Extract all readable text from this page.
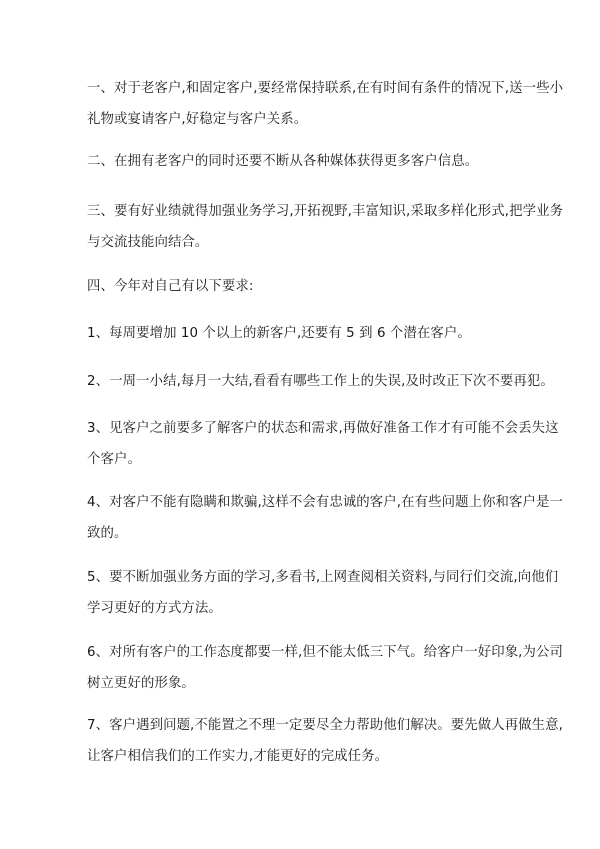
一、对于老客户,和固定客户,要经常保持联系,在有时间有条件的情况下,送一些小
礼物或宴请客户,好稳定与客户关系。

二、在拥有老客户的同时还要不断从各种媒体获得更多客户信息。

三、要有好业绩就得加强业务学习,开拓视野,丰富知识,采取多样化形式,把学业务
与交流技能向结合。

四、今年对自己有以下要求:

1、每周要增加 10 个以上的新客户,还要有 5 到 6 个潜在客户。

2、一周一小结,每月一大结,看看有哪些工作上的失误,及时改正下次不要再犯。

3、见客户之前要多了解客户的状态和需求,再做好准备工作才有可能不会丢失这
个客户。

4、对客户不能有隐瞒和欺骗,这样不会有忠诚的客户,在有些问题上你和客户是一
致的。

5、要不断加强业务方面的学习,多看书,上网查阅相关资料,与同行们交流,向他们
学习更好的方式方法。

6、对所有客户的工作态度都要一样,但不能太低三下气。给客户一好印象,为公司
树立更好的形象。

7、客户遇到问题,不能置之不理一定要尽全力帮助他们解决。要先做人再做生意,
让客户相信我们的工作实力,才能更好的完成任务。
